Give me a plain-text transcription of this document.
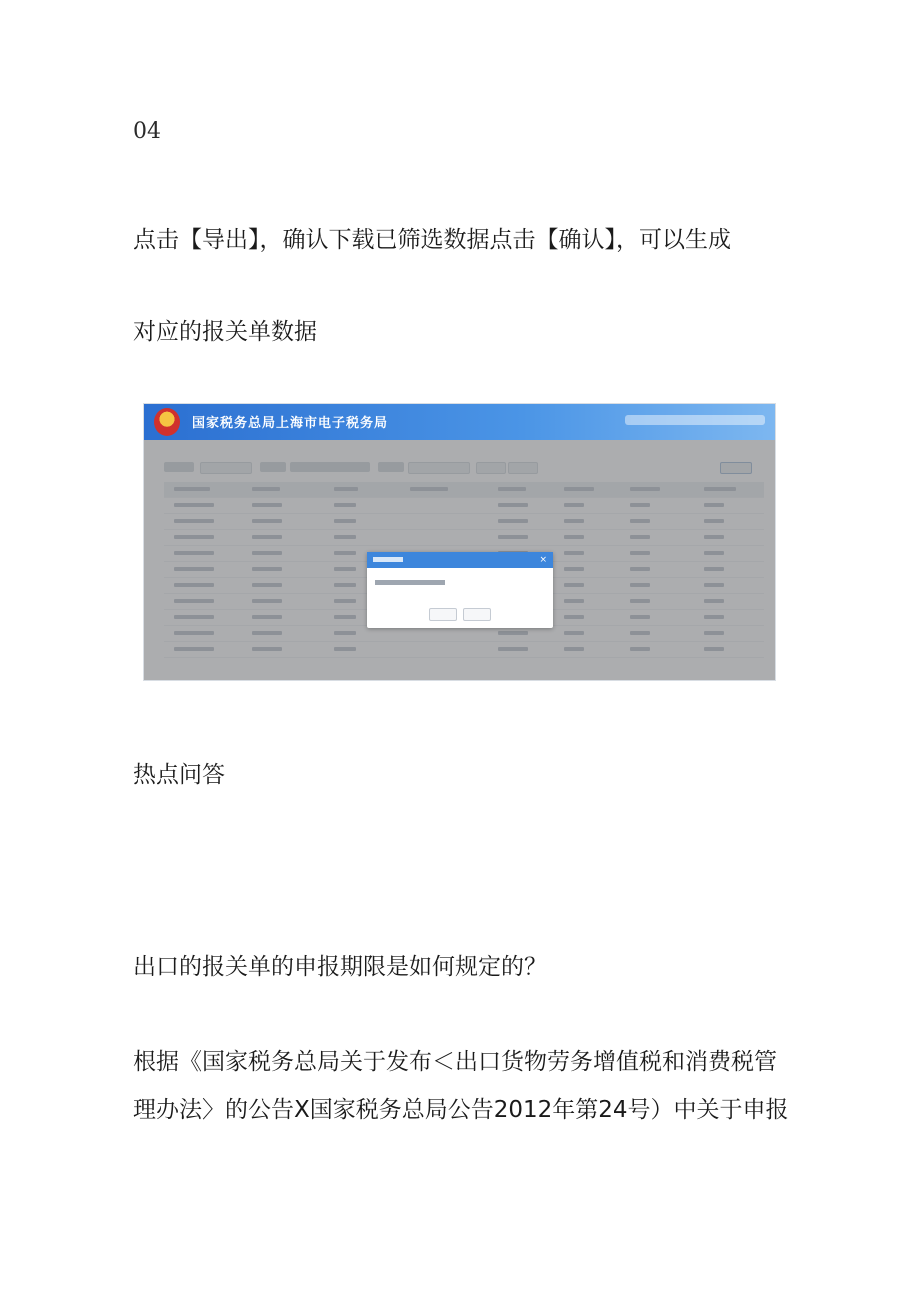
04

点击【导出】，确认下载已筛选数据点击【确认】，可以生成

对应的报关单数据

国家税务总局上海市电子税务局
×

热点问答

出口的报关单的申报期限是如何规定的？

根据《国家税务总局关于发布＜出口货物劳务增值税和消费税管

理办法〉的公告X国家税务总局公告2012年第24号）中关于申报
